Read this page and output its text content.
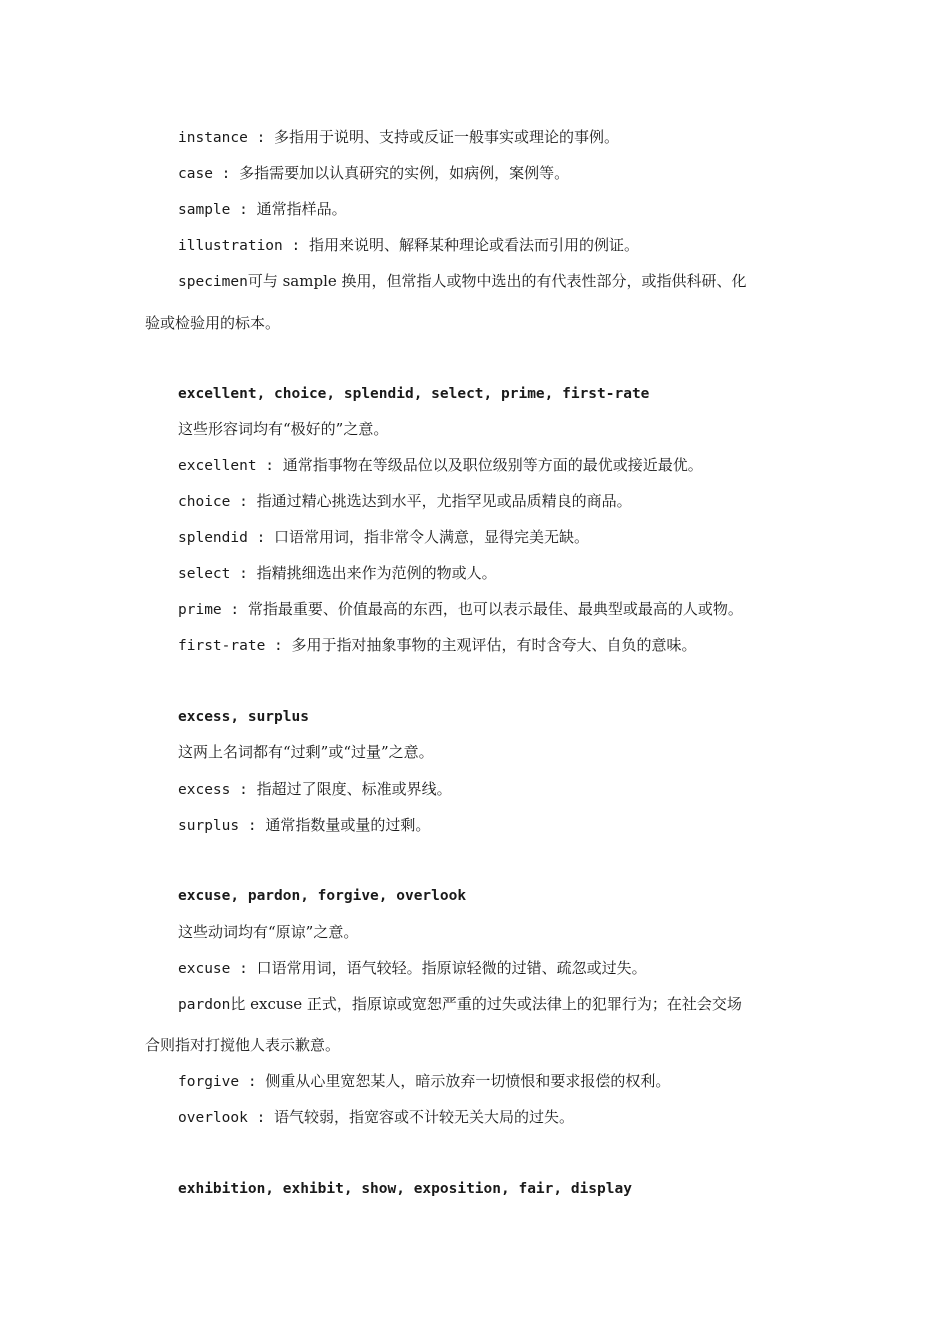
instance : 多指用于说明、支持或反证一般事实或理论的事例。
case : 多指需要加以认真研究的实例，如病例，案例等。
sample : 通常指样品。
illustration : 指用来说明、解释某种理论或看法而引用的例证。
specimen可与 sample 换用，但常指人或物中选出的有代表性部分，或指供科研、化
验或检验用的标本。
excellent, choice, splendid, select, prime, first-rate
这些形容词均有“极好的”之意。
excellent : 通常指事物在等级品位以及职位级别等方面的最优或接近最优。
choice : 指通过精心挑选达到水平，尤指罕见或品质精良的商品。
splendid : 口语常用词，指非常令人满意，显得完美无缺。
select : 指精挑细选出来作为范例的物或人。
prime : 常指最重要、价值最高的东西，也可以表示最佳、最典型或最高的人或物。
first-rate : 多用于指对抽象事物的主观评估，有时含夸大、自负的意味。
excess, surplus
这两上名词都有“过剩”或“过量”之意。
excess : 指超过了限度、标准或界线。
surplus : 通常指数量或量的过剩。
excuse, pardon, forgive, overlook
这些动词均有“原谅”之意。
excuse : 口语常用词，语气较轻。指原谅轻微的过错、疏忽或过失。
pardon比 excuse 正式，指原谅或宽恕严重的过失或法律上的犯罪行为；在社会交场
合则指对打搅他人表示歉意。
forgive : 侧重从心里宽恕某人，暗示放弃一切愤恨和要求报偿的权利。
overlook : 语气较弱，指宽容或不计较无关大局的过失。
exhibition, exhibit, show, exposition, fair, display
